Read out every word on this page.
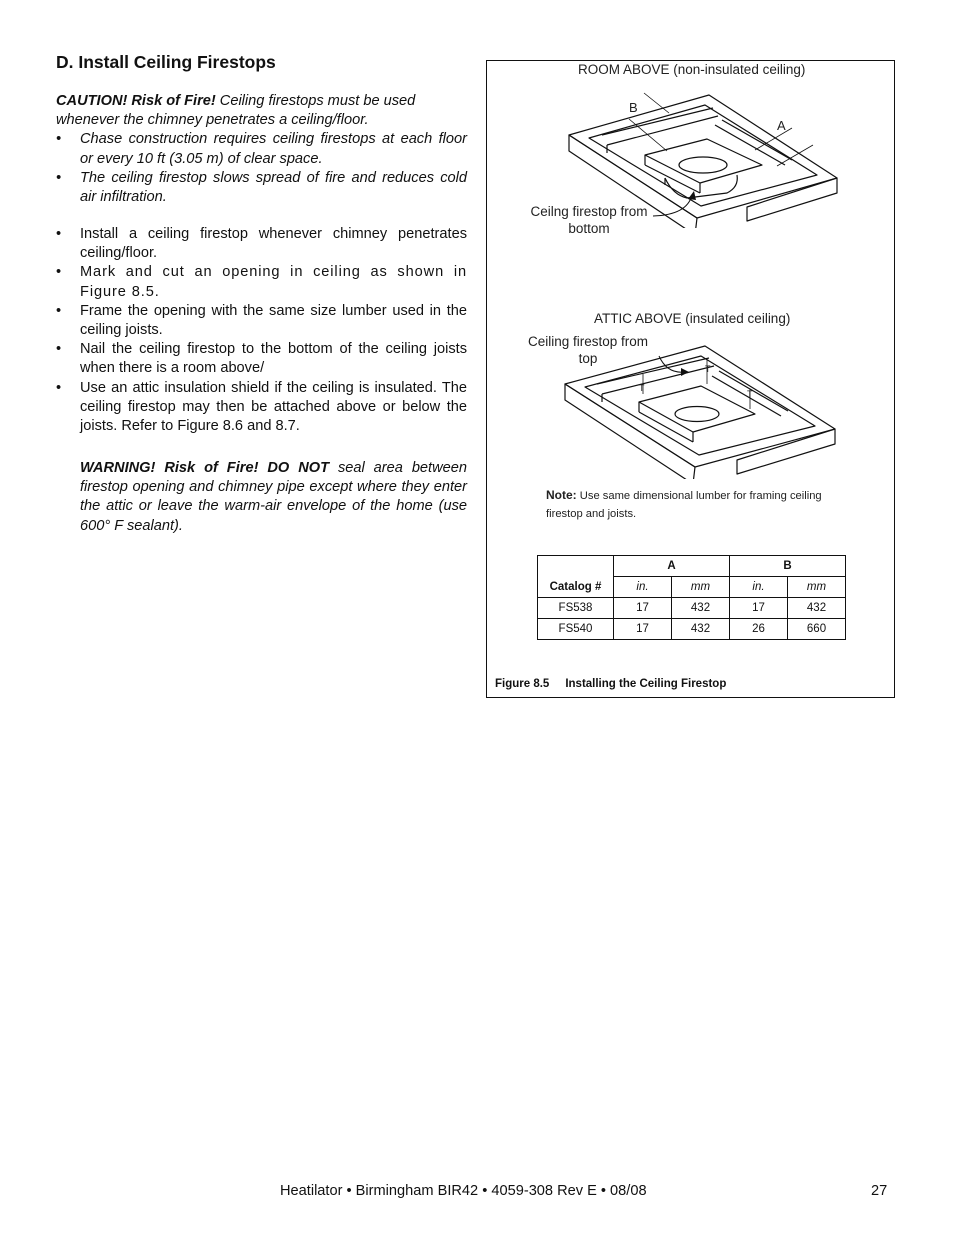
D. Install Ceiling Firestops
CAUTION! Risk of Fire! Ceiling firestops must be used whenever the chimney penetrates a ceiling/floor.
• Chase construction requires ceiling firestops at each floor or every 10 ft (3.05 m) of clear space.
• The ceiling firestop slows spread of fire and reduces cold air infiltration.
• Install a ceiling firestop whenever chimney penetrates ceiling/floor.
• Mark and cut an opening in ceiling as shown in Figure 8.5.
• Frame the opening with the same size lumber used in the ceiling joists.
• Nail the ceiling firestop to the bottom of the ceiling joists when there is a room above/
• Use an attic insulation shield if the ceiling is insulated. The ceiling firestop may then be attached above or below the joists. Refer to Figure 8.6 and 8.7.
WARNING! Risk of Fire! DO NOT seal area between firestop opening and chimney pipe except where they enter the attic or leave the warm-air envelope of the home (use 600° F sealant).
ROOM ABOVE (non-insulated ceiling)
B
A
Ceilng firestop from
bottom
ATTIC ABOVE (insulated ceiling)
Ceiling firestop from
top
T
T
T
Note: Use same dimensional lumber for framing ceiling firestop and joists.
Catalog #	A		B	
	in.	mm	in.	mm
FS538	17	432	17	432
FS540	17	432	26	660
Figure 8.5 Installing the Ceiling Firestop
Heatilator • Birmingham BIR42 • 4059-308 Rev E • 08/08	27
